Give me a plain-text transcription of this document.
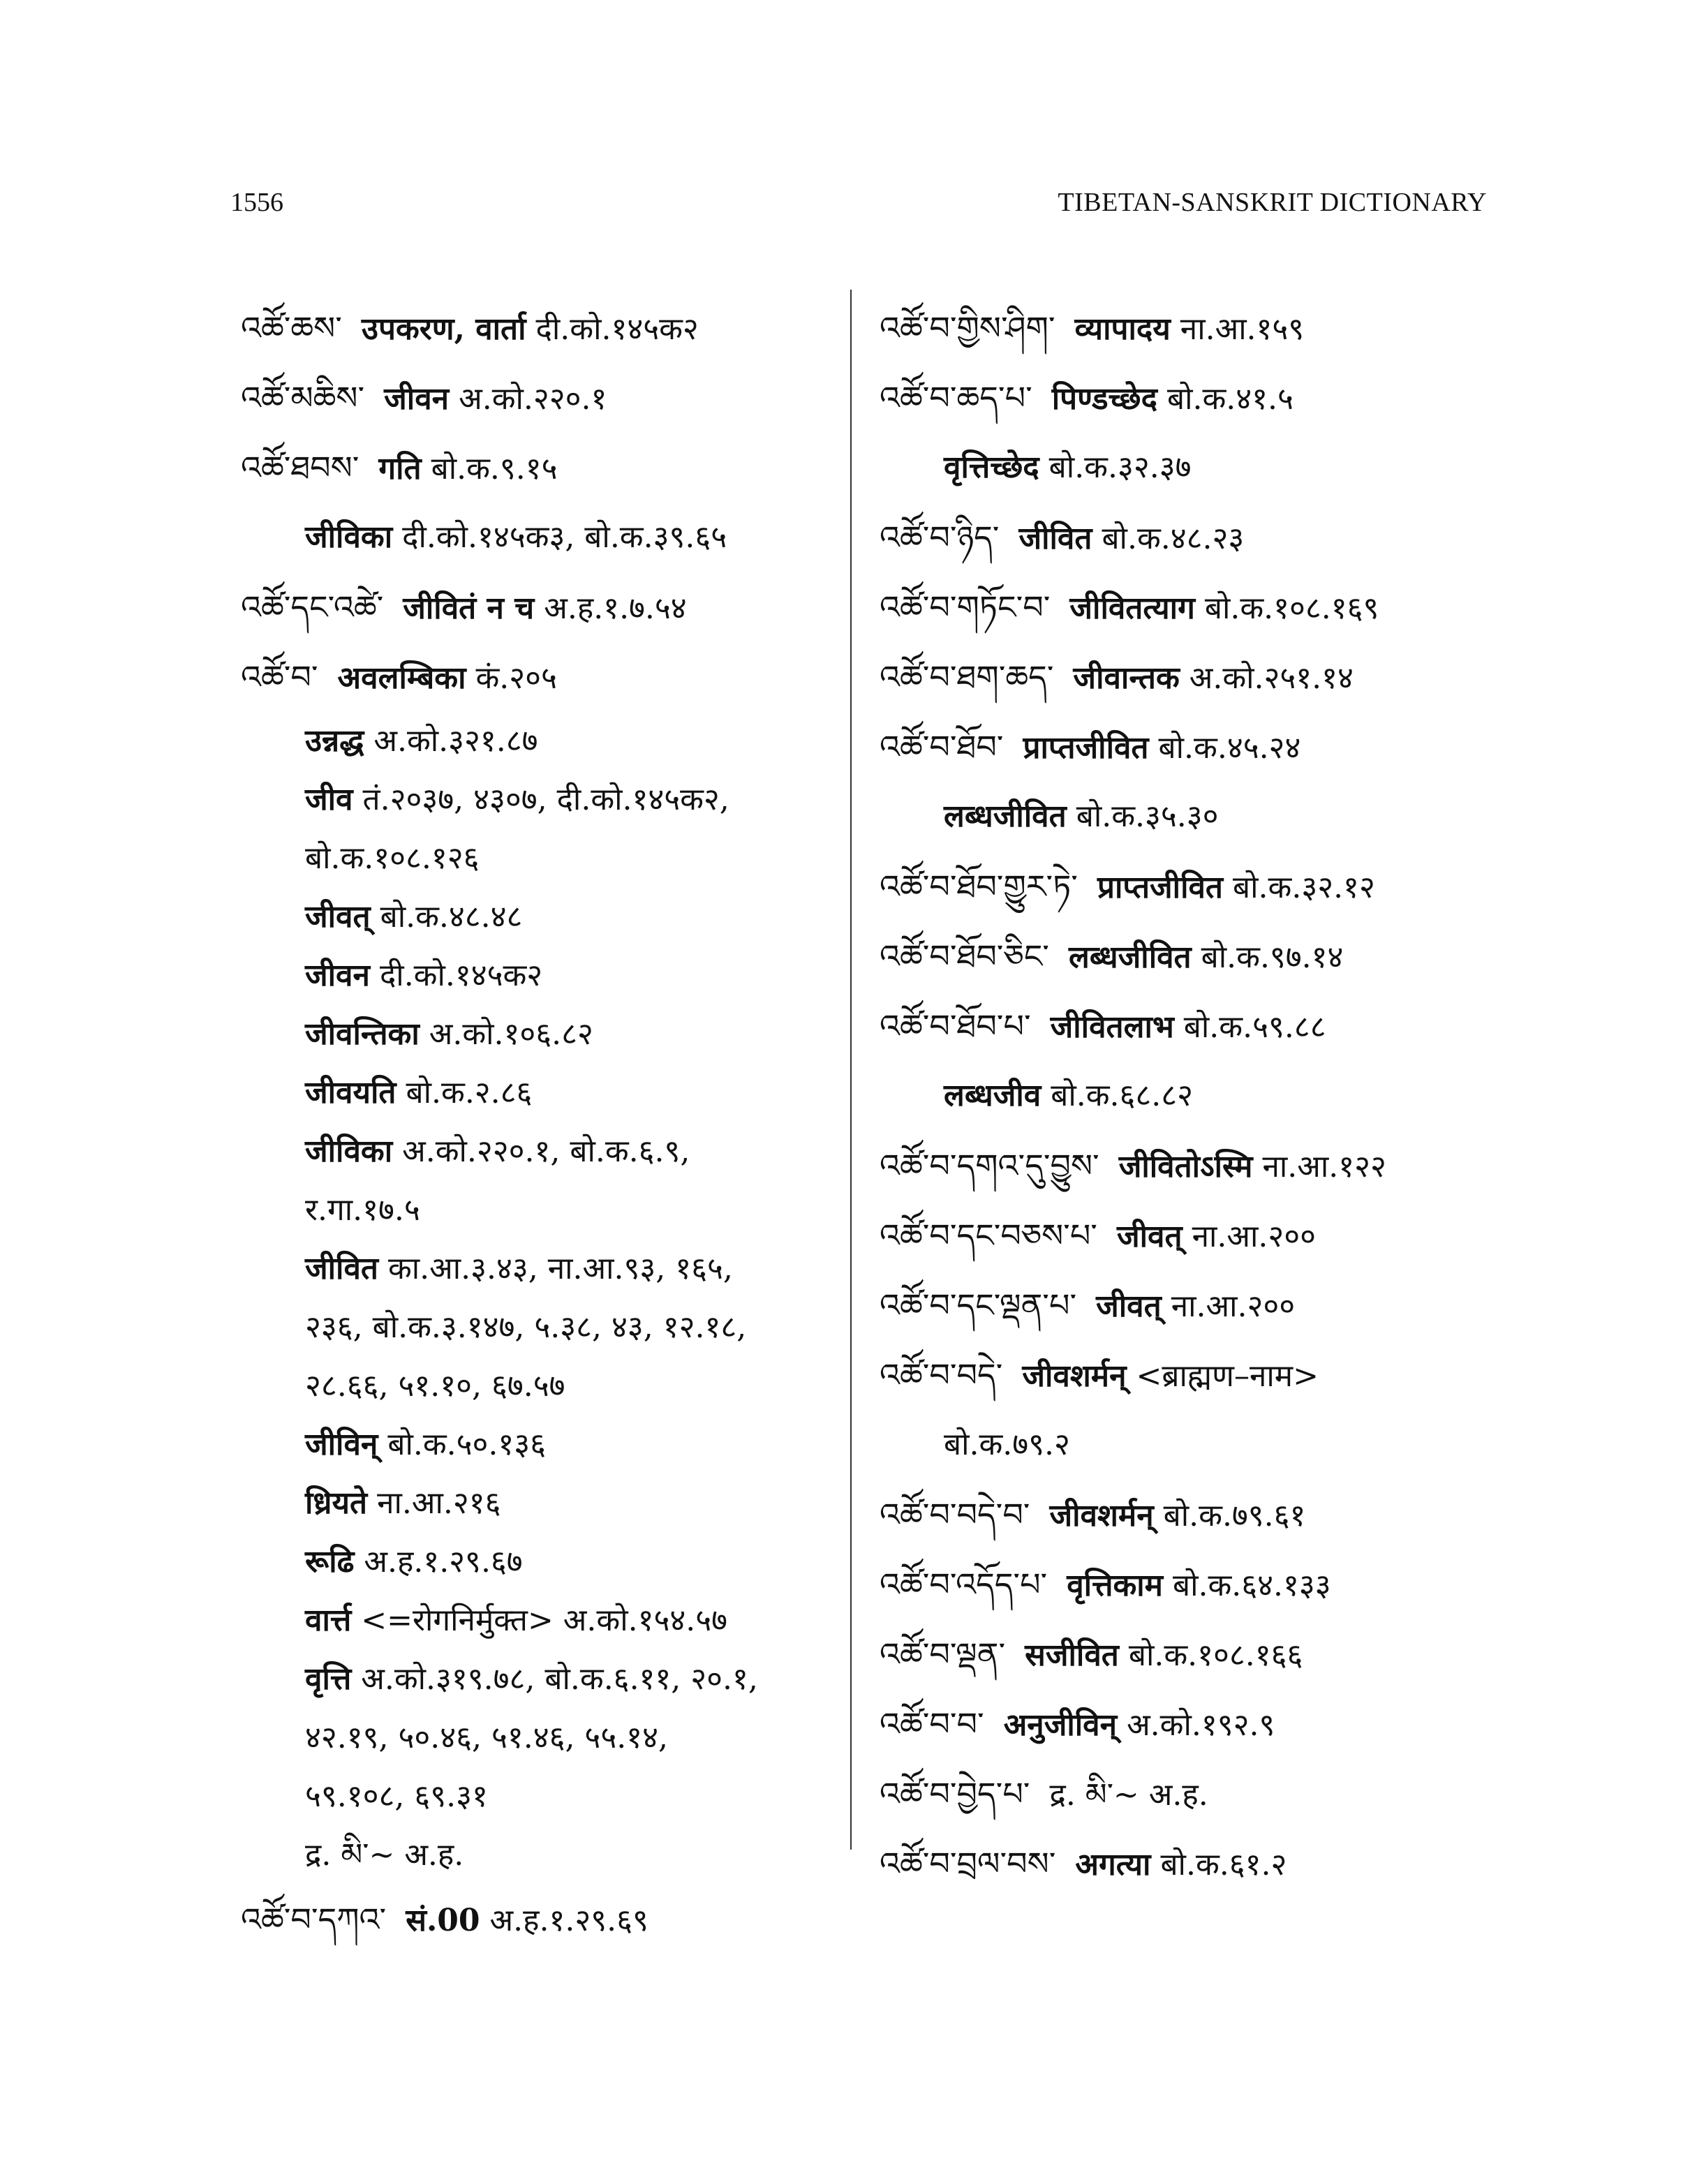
1556	TIBETAN-SANSKRIT DICTIONARY
འཚོ་ཆས་ उपकरण, वार्ता दी.को.१४५क२
འཚོ་མཆིས་ जीवन अ.को.२२०.१
འཚོ་ཐབས་ गति बो.क.९.१५
जीविका दी.को.१४५क३, बो.क.३९.६५
འཚོ་དང་འཚེ་ जीवितं न च अ.ह.१.७.५४
འཚོ་བ་ अवलम्बिका कं.२०५
उन्नद्ध अ.को.३२१.८७
जीव तं.२०३७, ४३०७, दी.को.१४५क२,
बो.क.१०८.१२६
जीवत् बो.क.४८.४८
जीवन दी.को.१४५क२
जीवन्तिका अ.को.१०६.८२
जीवयति बो.क.२.८६
जीविका अ.को.२२०.१, बो.क.६.९,
र.गा.१७.५
जीवित का.आ.३.४३, ना.आ.९३, १६५,
२३६, बो.क.३.१४७, ५.३८, ४३, १२.१८,
२८.६६, ५१.१०, ६७.५७
जीविन् बो.क.५०.१३६
ध्रियते ना.आ.२१६
रूढि अ.ह.१.२९.६७
वार्त्त <=रोगनिर्मुक्त> अ.को.१५४.५७
वृत्ति अ.को.३१९.७८, बो.क.६.११, २०.१,
४२.१९, ५०.४६, ५१.४६, ५५.१४,
५९.१०८, ६९.३१
द्र. མི་~ अ.ह.
འཚོ་བ་དཀའ་ सं.00 अ.ह.१.२९.६९
འཚོ་བ་གྱིས་ཤིག་ व्यापादय ना.आ.१५९
འཚོ་བ་ཆད་པ་ पिण्डच्छेद बो.क.४१.५
वृत्तिच्छेद बो.क.३२.३७
འཚོ་བ་ཉིད་ जीवित बो.क.४८.२३
འཚོ་བ་གཏོང་བ་ जीवितत्याग बो.क.१०८.१६९
འཚོ་བ་ཐག་ཆད་ जीवान्तक अ.को.२५१.१४
འཚོ་བ་ཐོབ་ प्राप्तजीवित बो.क.४५.२४
लब्धजीवित बो.क.३५.३०
འཚོ་བ་ཐོབ་གྱུར་ཏེ་ प्राप्तजीवित बो.क.३२.१२
འཚོ་བ་ཐོབ་ཅིང་ लब्धजीवित बो.क.९७.१४
འཚོ་བ་ཐོབ་པ་ जीवितलाभ बो.क.५९.८८
लब्धजीव बो.क.६८.८२
འཚོ་བ་དགའ་དུ་བྱུས་ जीवितोऽस्मि ना.आ.१२२
འཚོ་བ་དང་བཅས་པ་ जीवत् ना.आ.२००
འཚོ་བ་དང་ལྡན་པ་ जीवत् ना.आ.२००
འཚོ་བ་བདེ་ जीवशर्मन् <ब्राह्मण–नाम>
बो.क.७९.२
འཚོ་བ་བདེ་བ་ जीवशर्मन् बो.क.७९.६१
འཚོ་བ་འདོད་པ་ वृत्तिकाम बो.क.६४.१३३
འཚོ་བ་ལྡན་ सजीवित बो.क.१०८.१६६
འཚོ་བ་བ་ अनुजीविन् अ.को.१९२.९
འཚོ་བ་བྱེད་པ་ द्र. མི་~ अ.ह.
འཚོ་བ་བྲལ་བས་ अगत्या बो.क.६१.२
